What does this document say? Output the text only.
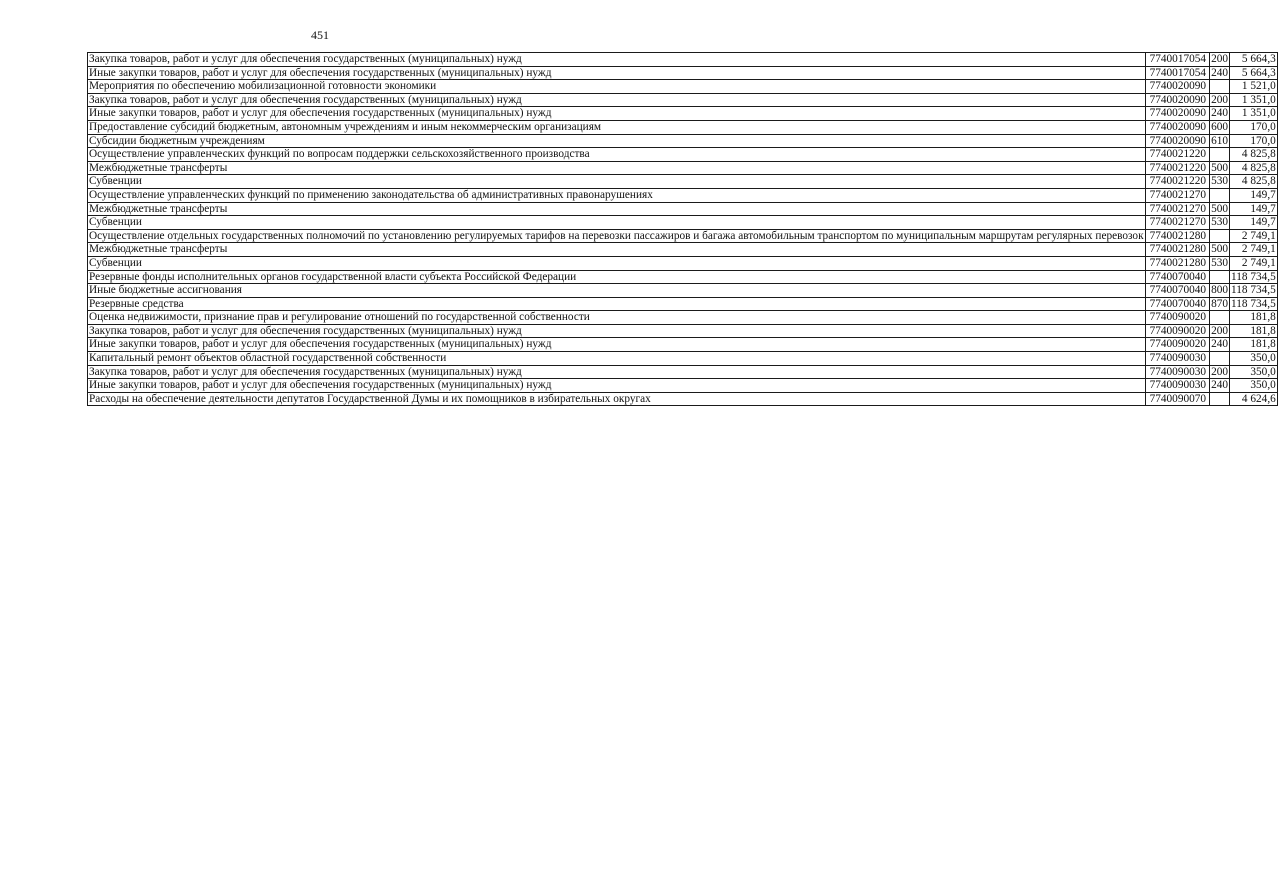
451
Закупка товаров, работ и услуг для обеспечения государственных (муниципальных) нужд	77 4 00 17054	200	5 664,3
Иные закупки товаров, работ и услуг для обеспечения государственных (муниципальных) нужд	77 4 00 17054	240	5 664,3
Мероприятия по обеспечению мобилизационной готовности экономики	77 4 00 20090		1 521,0
Закупка товаров, работ и услуг для обеспечения государственных (муниципальных) нужд	77 4 00 20090	200	1 351,0
Иные закупки товаров, работ и услуг для обеспечения государственных (муниципальных) нужд	77 4 00 20090	240	1 351,0
Предоставление субсидий бюджетным, автономным учреждениям и иным некоммерческим организациям	77 4 00 20090	600	170,0
Субсидии бюджетным учреждениям	77 4 00 20090	610	170,0
Осуществление управленческих функций по вопросам поддержки сельскохозяйственного производства	77 4 00 21220		4 825,8
Межбюджетные трансферты	77 4 00 21220	500	4 825,8
Субвенции	77 4 00 21220	530	4 825,8
Осуществление управленческих функций по применению законодательства об административных правонарушениях	77 4 00 21270		149,7
Межбюджетные трансферты	77 4 00 21270	500	149,7
Субвенции	77 4 00 21270	530	149,7
Осуществление отдельных государственных полномочий по установлению регулируемых тарифов на перевозки пассажиров и багажа автомобильным транспортом по муниципальным маршрутам регулярных перевозок	77 4 00 21280		2 749,1
Межбюджетные трансферты	77 4 00 21280	500	2 749,1
Субвенции	77 4 00 21280	530	2 749,1
Резервные фонды исполнительных органов государственной власти субъекта Российской Федерации	77 4 00 70040		118 734,5
Иные бюджетные ассигнования	77 4 00 70040	800	118 734,5
Резервные средства	77 4 00 70040	870	118 734,5
Оценка недвижимости, признание прав и регулирование отношений по государственной собственности	77 4 00 90020		181,8
Закупка товаров, работ и услуг для обеспечения государственных (муниципальных) нужд	77 4 00 90020	200	181,8
Иные закупки товаров, работ и услуг для обеспечения государственных (муниципальных) нужд	77 4 00 90020	240	181,8
Капитальный ремонт объектов областной государственной собственности	77 4 00 90030		350,0
Закупка товаров, работ и услуг для обеспечения государственных (муниципальных) нужд	77 4 00 90030	200	350,0
Иные закупки товаров, работ и услуг для обеспечения государственных (муниципальных) нужд	77 4 00 90030	240	350,0
Расходы на обеспечение деятельности депутатов Государственной Думы и их помощников в избирательных округах	77 4 00 90070		4 624,6
